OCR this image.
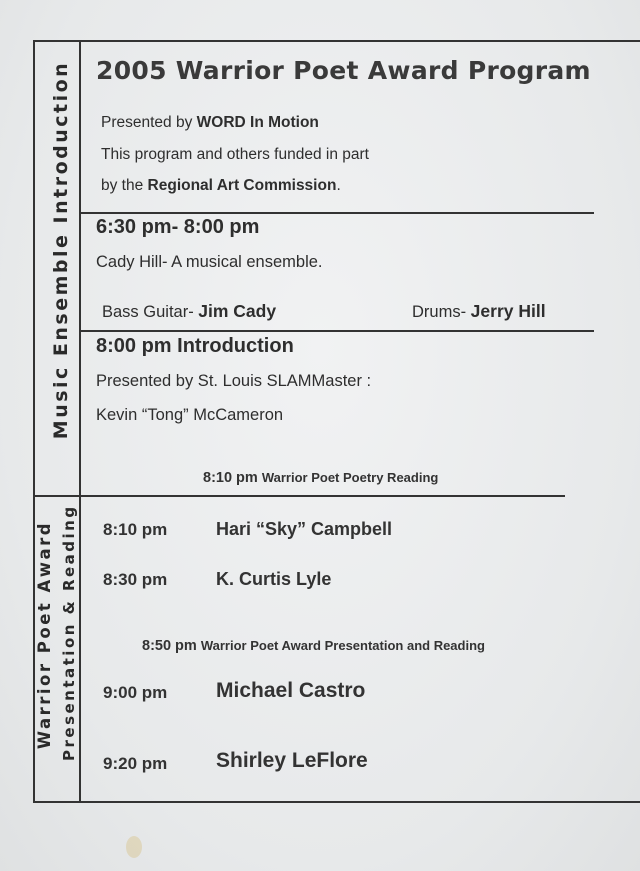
Music Ensemble Introduction
Warrior Poet Award Presentation & Reading
2005 Warrior Poet Award Program
Presented by WORD In Motion
This program and others funded in part
by the Regional Art Commission.
6:30 pm- 8:00 pm
Cady Hill- A musical ensemble.
Bass Guitar- Jim Cady	Drums- Jerry Hill
8:00 pm Introduction
Presented by St. Louis SLAMMaster :
Kevin “Tong” McCameron
8:10 pm Warrior Poet Poetry Reading
8:10 pm	Hari “Sky” Campbell
8:30 pm	K. Curtis Lyle
8:50 pm Warrior Poet Award Presentation and Reading
9:00 pm Michael Castro
9:20 pm Shirley LeFlore
